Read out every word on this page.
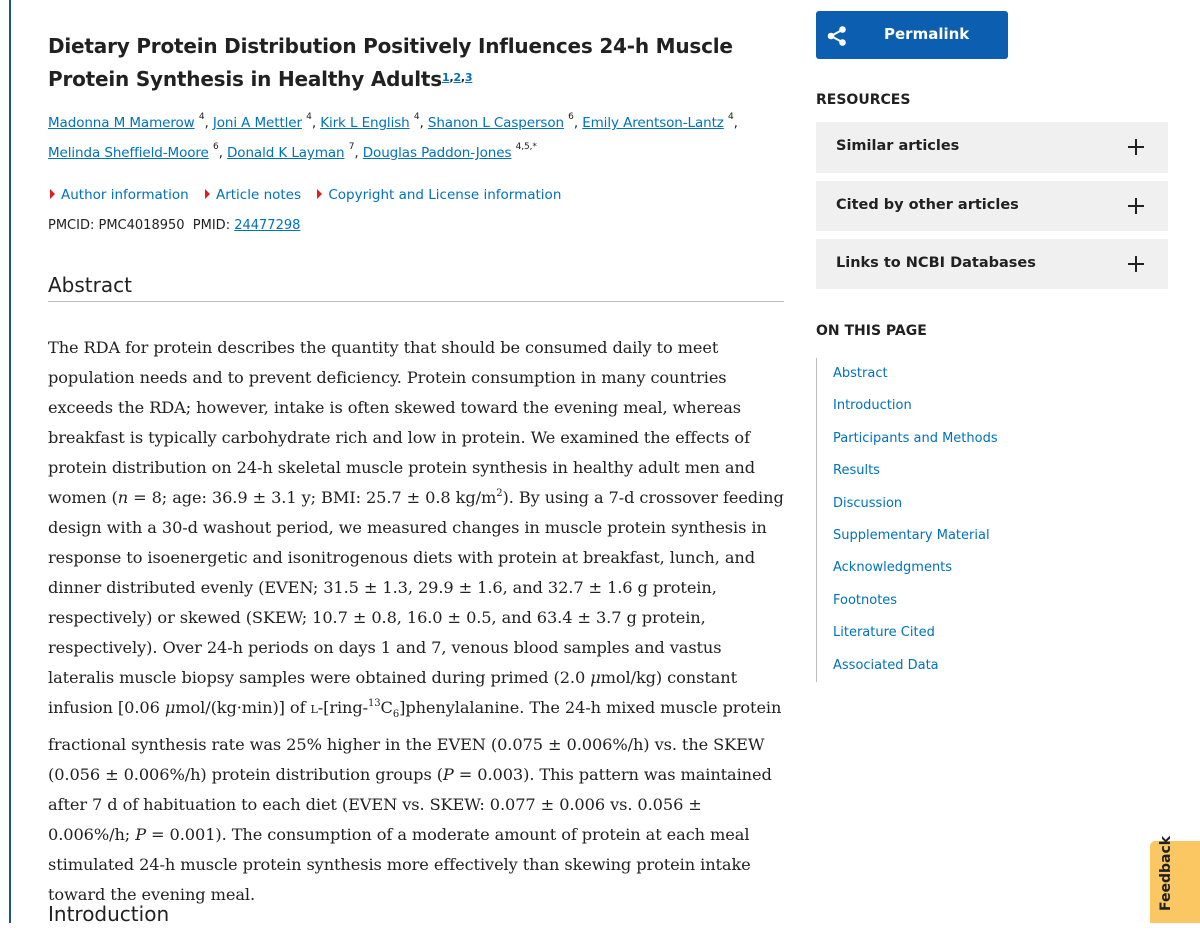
Dietary Protein Distribution Positively Influences 24-h Muscle Protein Synthesis in Healthy Adults$^{1,2,3}$
Madonna M Mamerow $^4$, Joni A Mettler $^4$, Kirk L English $^4$, Shanon L Casperson $^6$, Emily Arentson-Lantz $^4$, Melinda Sheffield-Moore $^6$, Donald K Layman $^7$, Douglas Paddon-Jones $^{4,5,*}$
Author information Article notes Copyright and License information
PMCID: PMC4018950 PMID: 24477298
Abstract

The RDA for protein describes the quantity that should be consumed daily to meet population needs and to prevent deficiency. Protein consumption in many countries exceeds the RDA; however, intake is often skewed toward the evening meal, whereas breakfast is typically carbohydrate rich and low in protein. We examined the effects of protein distribution on 24-h skeletal muscle protein synthesis in healthy adult men and women (n = 8; age: 36.9 ± 3.1 y; BMI: 25.7 ± 0.8 $kg/m^2$). By using a 7-d crossover feeding design with a 30-d washout period, we measured changes in muscle protein synthesis in response to isoenergetic and isonitrogenous diets with protein at breakfast, lunch, and dinner distributed evenly (EVEN; 31.5 ± 1.3, 29.9 ± 1.6, and 32.7 ± 1.6 g protein, respectively) or skewed (SKEW; 10.7 ± 0.8, 16.0 ± 0.5, and 63.4 ± 3.7 g protein, respectively). Over 24-h periods on days 1 and 7, venous blood samples and vastus lateralis muscle biopsy samples were obtained during primed (2.0 μmol/kg) constant infusion [0.06 μmol/(kg·min)] of $L-[ring-^{13}C_6]phenylalanine$. The 24-h mixed muscle protein fractional synthesis rate was 25% higher in the EVEN (0.075 ± 0.006%/h) vs. the SKEW (0.056 ± 0.006%/h) protein distribution groups (P = 0.003). This pattern was maintained after 7 d of habituation to each diet (EVEN vs. SKEW: 0.077 ± 0.006 vs. 0.056 ± 0.006%/h; P = 0.001). The consumption of a moderate amount of protein at each meal stimulated 24-h muscle protein synthesis more effectively than skewing protein intake toward the evening meal.

Introduction
Permalink
RESOURCES
Similar articles
Cited by other articles
Links to NCBI Databases
ON THIS PAGE
Abstract
Introduction
Participants and Methods
Results
Discussion
Supplementary Material
Acknowledgments
Footnotes
Literature Cited
Associated Data
Feedback
